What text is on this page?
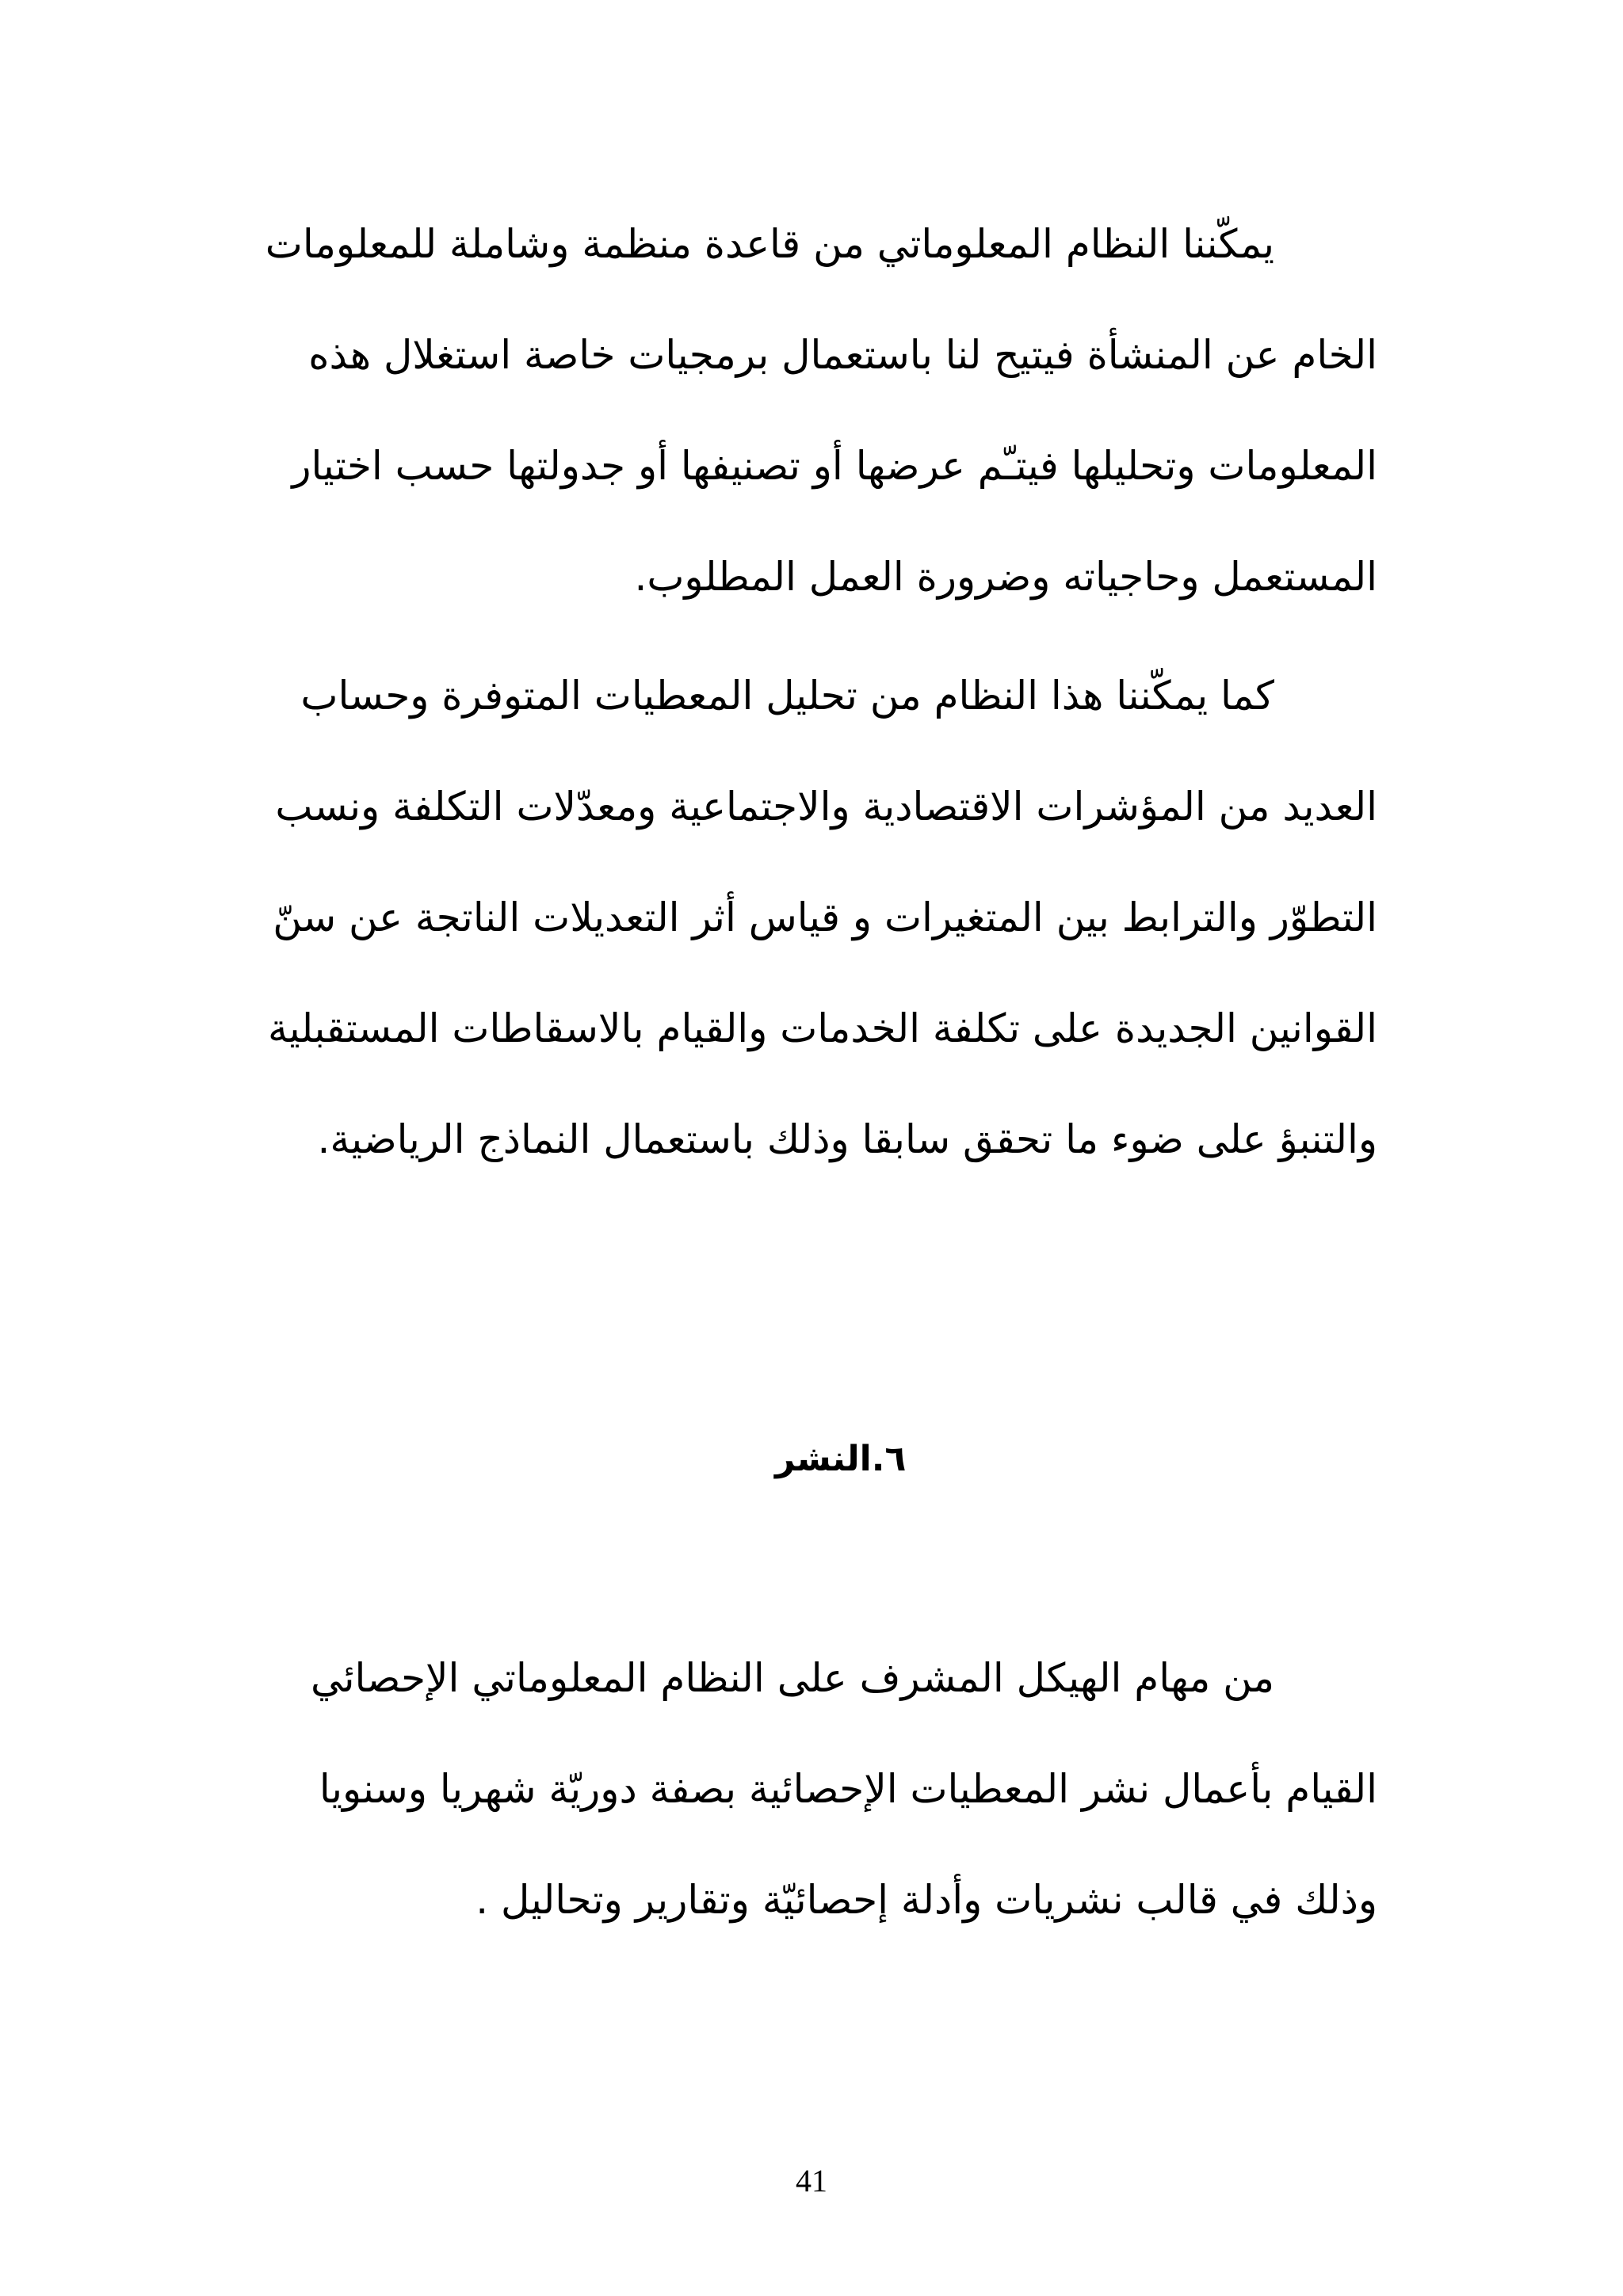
يمكّننا النظام المعلوماتي من قاعدة منظمة وشاملة للمعلومات
الخام عن المنشأة فيتيح لنا باستعمال برمجيات خاصة استغلال هذه
المعلومات وتحليلها فيتـّم عرضها أو تصنيفها أو جدولتها حسب اختيار
المستعمل وحاجياته وضرورة العمل المطلوب.
كما يمكّننا هذا النظام من تحليل المعطيات المتوفرة وحساب
العديد من المؤشرات الاقتصادية والاجتماعية ومعدّلات التكلفة ونسب
التطوّر والترابط بين المتغيرات و قياس أثر التعديلات الناتجة عن سنّ
القوانين الجديدة على تكلفة الخدمات والقيام بالاسقاطات المستقبلية
والتنبؤ على ضوء ما تحقق سابقا وذلك باستعمال النماذج الرياضية.
٦.النشر
من مهام الهيكل المشرف على النظام المعلوماتي الإحصائي
القيام بأعمال نشر المعطيات الإحصائية بصفة دوريّة شهريا وسنويا
وذلك في قالب نشريات وأدلة إحصائيّة وتقارير وتحاليل .
41
